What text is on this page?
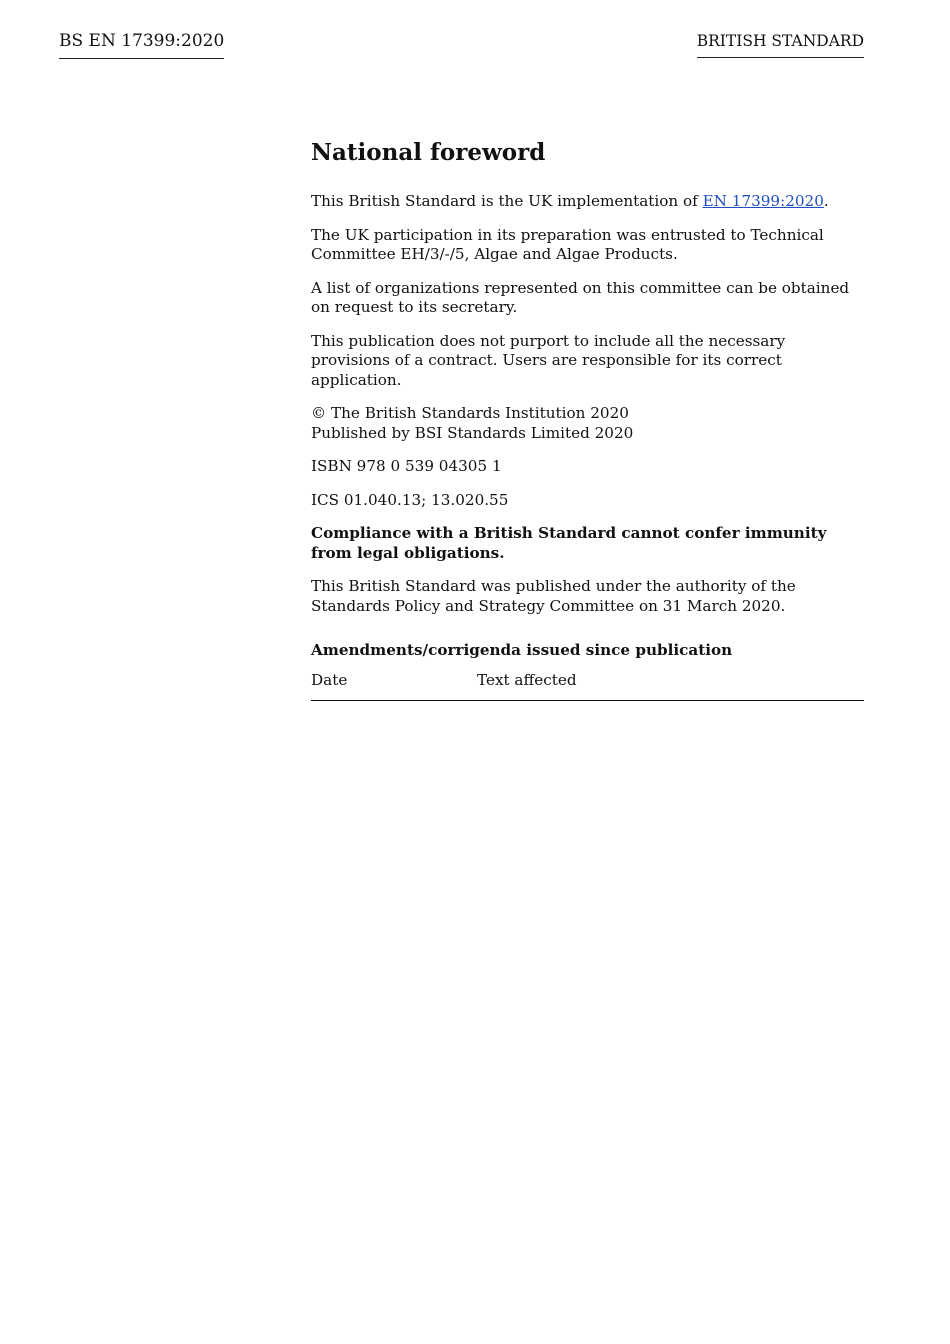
BS EN 17399:2020	BRITISH STANDARD
National foreword

This British Standard is the UK implementation of EN 17399:2020.

The UK participation in its preparation was entrusted to Technical Committee EH/3/-/5, Algae and Algae Products.

A list of organizations represented on this committee can be obtained on request to its secretary.

This publication does not purport to include all the necessary provisions of a contract. Users are responsible for its correct application.

© The British Standards Institution 2020
Published by BSI Standards Limited 2020

ISBN 978 0 539 04305 1

ICS 01.040.13; 13.020.55

Compliance with a British Standard cannot confer immunity from legal obligations.

This British Standard was published under the authority of the Standards Policy and Strategy Committee on 31 March 2020.

Amendments/corrigenda issued since publication
Date	Text affected
